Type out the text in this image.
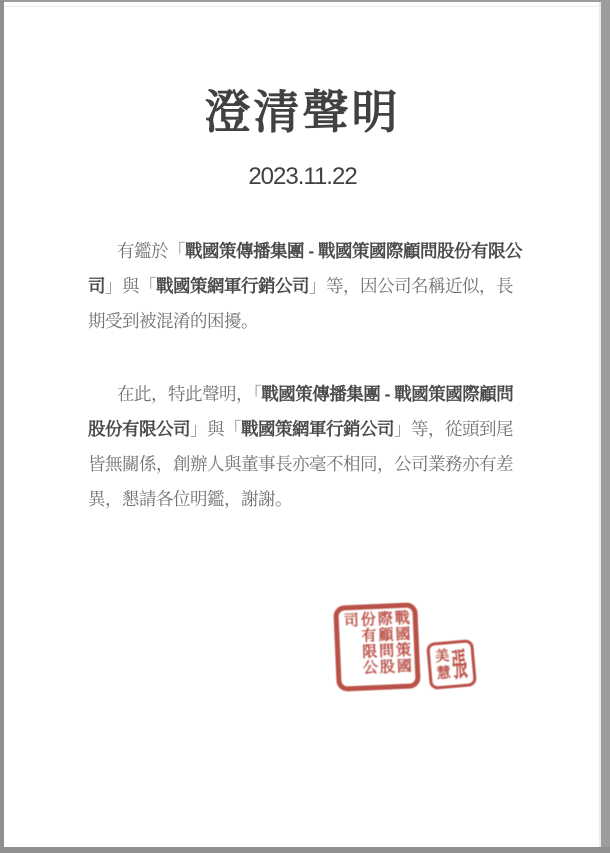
澄清聲明
2023.11.22
有鑑於「戰國策傳播集團 - 戰國策國際顧問股份有限公
司」與「戰國策網軍行銷公司」等，因公司名稱近似，長
期受到被混淆的困擾。
在此，特此聲明，「戰國策傳播集團 - 戰國策國際顧問
股份有限公司」與「戰國策網軍行銷公司」等，從頭到尾
皆無關係，創辦人與董事長亦毫不相同，公司業務亦有差
異，懇請各位明鑑，謝謝。
戰國策國際顧問股份有限公司
美
慧 張
